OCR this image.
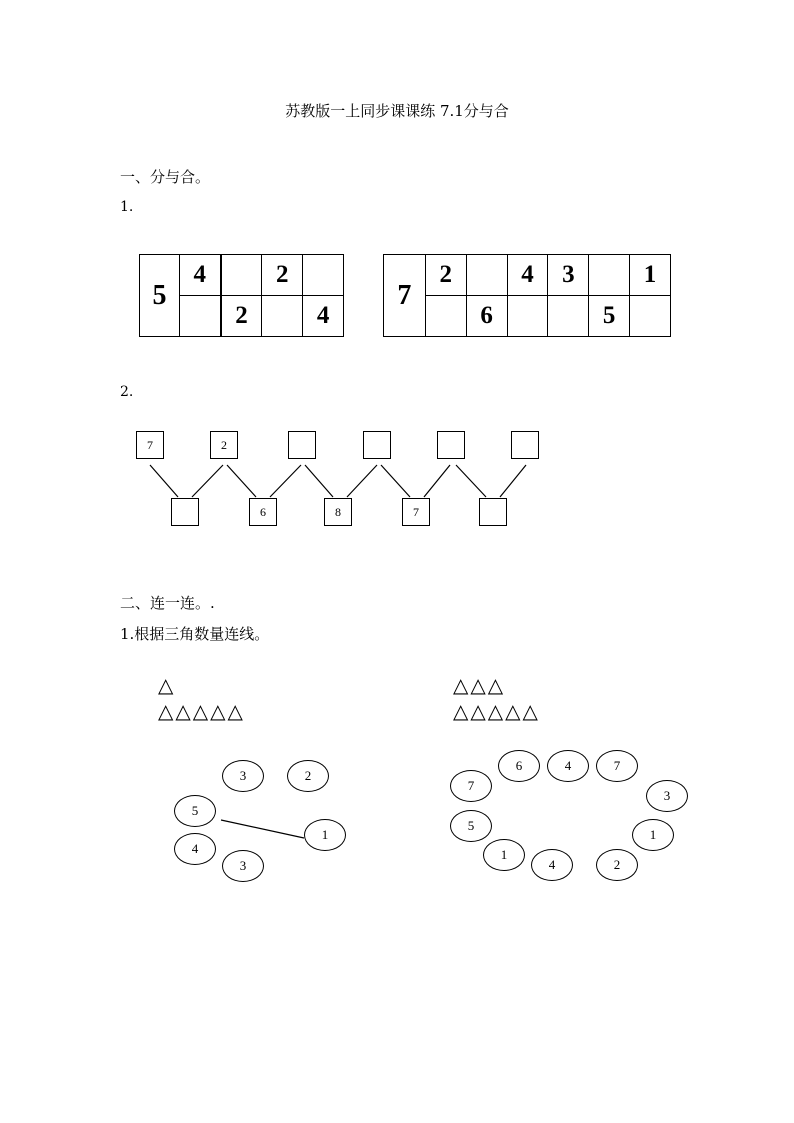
苏教版一上同步课课练 7.1分与合
一、分与合。
1.
5	4		2	
		2		4
7	2		4	3		1
		6			5	
2.
7	2
6	8	7
二、连一连。.
1.根据三角数量连线。
△
△△△△△
△△△
△△△△△
3	2
5
1
4
3
6	4	7
7
3
5
1
1
4	2
